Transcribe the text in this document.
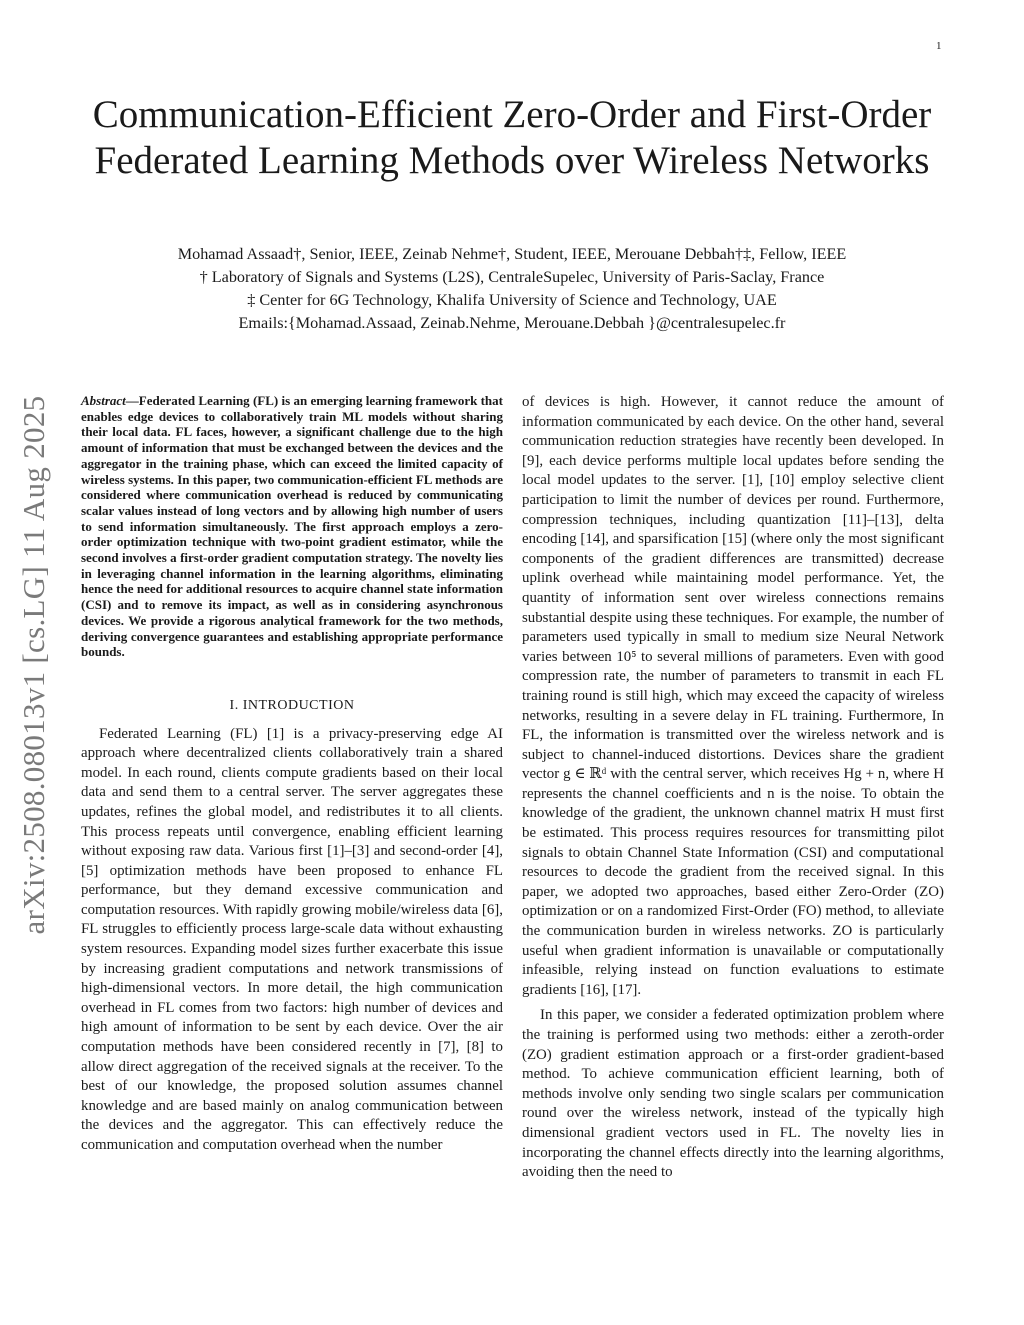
1
arXiv:2508.08013v1 [cs.LG] 11 Aug 2025
Communication-Efficient Zero-Order and First-Order Federated Learning Methods over Wireless Networks
Mohamad Assaad†, Senior, IEEE, Zeinab Nehme†, Student, IEEE, Merouane Debbah†‡, Fellow, IEEE
† Laboratory of Signals and Systems (L2S), CentraleSupelec, University of Paris-Saclay, France
‡ Center for 6G Technology, Khalifa University of Science and Technology, UAE
Emails:{Mohamad.Assaad, Zeinab.Nehme, Merouane.Debbah }@centralesupelec.fr

Abstract—Federated Learning (FL) is an emerging learning framework that enables edge devices to collaboratively train ML models without sharing their local data. FL faces, however, a significant challenge due to the high amount of information that must be exchanged between the devices and the aggregator in the training phase, which can exceed the limited capacity of wireless systems. In this paper, two communication-efficient FL methods are considered where communication overhead is reduced by communicating scalar values instead of long vectors and by allowing high number of users to send information simultaneously. The first approach employs a zero-order optimization technique with two-point gradient estimator, while the second involves a first-order gradient computation strategy. The novelty lies in leveraging channel information in the learning algorithms, eliminating hence the need for additional resources to acquire channel state information (CSI) and to remove its impact, as well as in considering asynchronous devices. We provide a rigorous analytical framework for the two methods, deriving convergence guarantees and establishing appropriate performance bounds.

I. INTRODUCTION

Federated Learning (FL) [1] is a privacy-preserving edge AI approach where decentralized clients collaboratively train a shared model. In each round, clients compute gradients based on their local data and send them to a central server. The server aggregates these updates, refines the global model, and redistributes it to all clients. This process repeats until convergence, enabling efficient learning without exposing raw data. Various first [1]–[3] and second-order [4], [5] optimization methods have been proposed to enhance FL performance, but they demand excessive communication and computation resources. With rapidly growing mobile/wireless data [6], FL struggles to efficiently process large-scale data without exhausting system resources. Expanding model sizes further exacerbate this issue by increasing gradient computations and network transmissions of high-dimensional vectors. In more detail, the high communication overhead in FL comes from two factors: high number of devices and high amount of information to be sent by each device. Over the air computation methods have been considered recently in [7], [8] to allow direct aggregation of the received signals at the receiver. To the best of our knowledge, the proposed solution assumes channel knowledge and are based mainly on analog communication between the devices and the aggregator. This can effectively reduce the communication and computation overhead when the number

of devices is high. However, it cannot reduce the amount of information communicated by each device. On the other hand, several communication reduction strategies have recently been developed. In [9], each device performs multiple local updates before sending the local model updates to the server. [1], [10] employ selective client participation to limit the number of devices per round. Furthermore, compression techniques, including quantization [11]–[13], delta encoding [14], and sparsification [15] (where only the most significant components of the gradient differences are transmitted) decrease uplink overhead while maintaining model performance. Yet, the quantity of information sent over wireless connections remains substantial despite using these techniques. For example, the number of parameters used typically in small to medium size Neural Network varies between 10⁵ to several millions of parameters. Even with good compression rate, the number of parameters to transmit in each FL training round is still high, which may exceed the capacity of wireless networks, resulting in a severe delay in FL training. Furthermore, In FL, the information is transmitted over the wireless network and is subject to channel-induced distortions. Devices share the gradient vector g ∈ ℝᵈ with the central server, which receives Hg + n, where H represents the channel coefficients and n is the noise. To obtain the knowledge of the gradient, the unknown channel matrix H must first be estimated. This process requires resources for transmitting pilot signals to obtain Channel State Information (CSI) and computational resources to decode the gradient from the received signal. In this paper, we adopted two approaches, based either Zero-Order (ZO) optimization or on a randomized First-Order (FO) method, to alleviate the communication burden in wireless networks. ZO is particularly useful when gradient information is unavailable or computationally infeasible, relying instead on function evaluations to estimate gradients [16], [17].

In this paper, we consider a federated optimization problem where the training is performed using two methods: either a zeroth-order (ZO) gradient estimation approach or a first-order gradient-based method. To achieve communication efficient learning, both of methods involve only sending two single scalars per communication round over the wireless network, instead of the typically high dimensional gradient vectors used in FL. The novelty lies in incorporating the channel effects directly into the learning algorithms, avoiding then the need to
